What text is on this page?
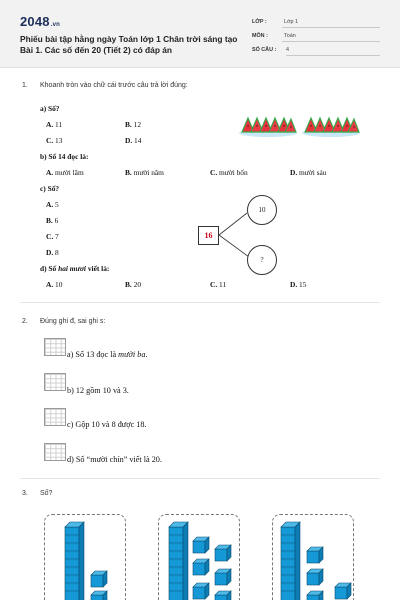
2048.vn
Phiếu bài tập hằng ngày Toán lớp 1 Chân trời sáng tạo Bài 1. Các số đến 20 (Tiết 2) có đáp án
LỚP :	Lớp 1
MÔN :	Toán
SỐ CÂU : 4
1. Khoanh tròn vào chữ cái trước câu trả lời đúng:
a) Số?
A. 11	B. 12
C. 13	D. 14
b) Số 14 đọc là:
A. mười lăm	B. mười năm	C. mười bốn	D. mười sáu
c) Số?
A. 5
B. 6
C. 7
D. 8
16
10
?
d) Số hai mươi viết là:
A. 10	B. 20	C. 11	D. 15
2. Đúng ghi đ, sai ghi s:
a) Số 13 đọc là mười ba.
b) 12 gồm 10 và 3.
c) Gộp 10 và 8 được 18.
d) Số “mười chín” viết là 20.
3. Số?
